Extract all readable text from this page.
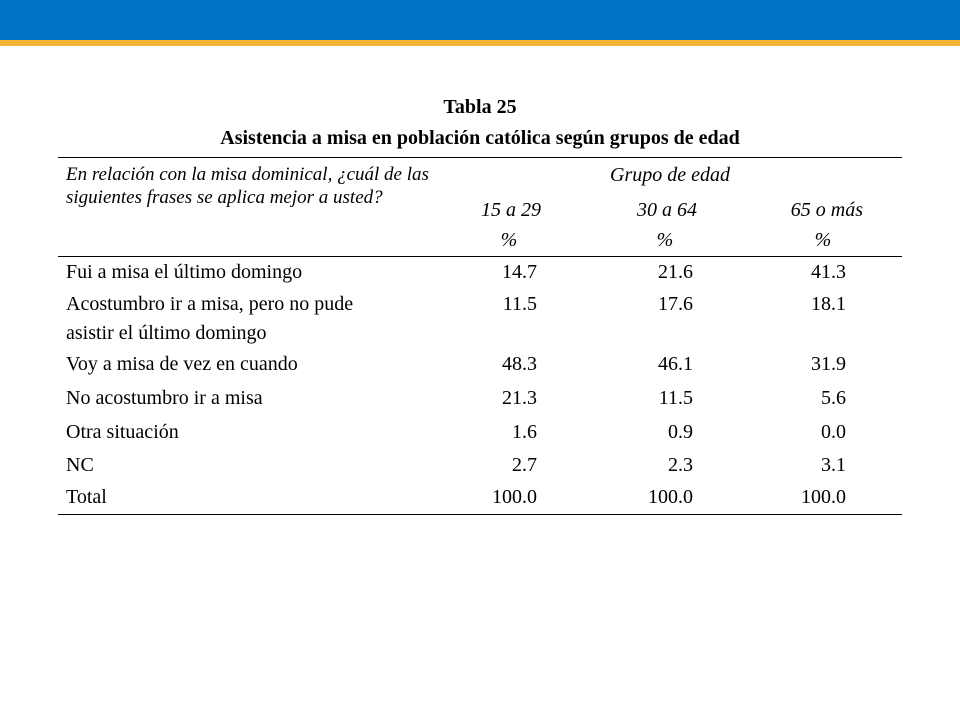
Tabla 25
Asistencia a misa en población católica según grupos de edad
En relación con la misa dominical, ¿cuál de las siguientes frases se aplica mejor a usted?
Grupo de edad
15 a 29	30 a 64	65 o más
%	%	%
Fui a misa el último domingo	14.7	21.6	41.3
Acostumbro ir a misa, pero no pude
asistir el último domingo
11.5	17.6	18.1
Voy a misa de vez en cuando	48.3	46.1	31.9
No acostumbro ir a misa	21.3	11.5	5.6
Otra situación	1.6	0.9	0.0
NC	2.7	2.3	3.1
Total	100.0	100.0	100.0
